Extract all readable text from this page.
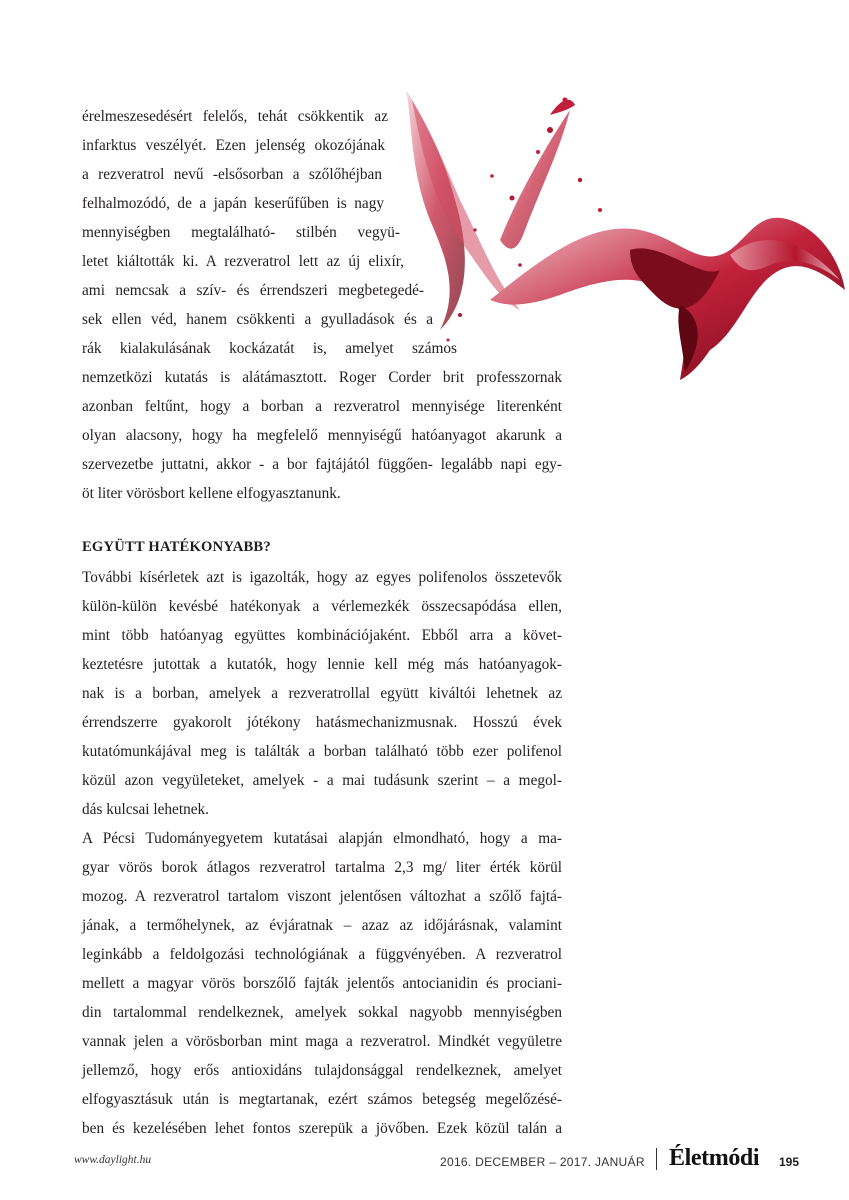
érelmeszesedésért felelős, tehát csökkentik az
infarktus veszélyét. Ezen jelenség okozójának
a rezveratrol nevű -elsősorban a szőlőhéjban
felhalmozódó, de a japán keserűfűben is nagy
mennyiségben megtalálható- stilbén vegyü-
letet kiáltották ki. A rezveratrol lett az új elixír,
ami nemcsak a szív- és érrendszeri megbetegedé-
sek ellen véd, hanem csökkenti a gyulladások és a
rák kialakulásának kockázatát is, amelyet számos
nemzetközi kutatás is alátámasztott. Roger Corder brit professzornak
azonban feltűnt, hogy a borban a rezveratrol mennyisége literenként
olyan alacsony, hogy ha megfelelő mennyiségű hatóanyagot akarunk a
szervezetbe juttatni, akkor - a bor fajtájától függően- legalább napi egy-
öt liter vörösbort kellene elfogyasztanunk.
EGYÜTT HATÉKONYABB?
További kísérletek azt is igazolták, hogy az egyes polifenolos összetevők
külön-külön kevésbé hatékonyak a vérlemezkék összecsapódása ellen,
mint több hatóanyag együttes kombinációjaként. Ebből arra a követ-
keztetésre jutottak a kutatók, hogy lennie kell még más hatóanyagok-
nak is a borban, amelyek a rezveratrollal együtt kiváltói lehetnek az
érrendszerre gyakorolt jótékony hatásmechanizmusnak. Hosszú évek
kutatómunkájával meg is találták a borban található több ezer polifenol
közül azon vegyületeket, amelyek - a mai tudásunk szerint – a megol-
dás kulcsai lehetnek.
A Pécsi Tudományegyetem kutatásai alapján elmondható, hogy a ma-
gyar vörös borok átlagos rezveratrol tartalma 2,3 mg/ liter érték körül
mozog. A rezveratrol tartalom viszont jelentősen változhat a szőlő fajtá-
jának, a termőhelynek, az évjáratnak – azaz az időjárásnak, valamint
leginkább a feldolgozási technológiának a függvényében. A rezveratrol
mellett a magyar vörös borszőlő fajták jelentős antocianidin és prociani-
din tartalommal rendelkeznek, amelyek sokkal nagyobb mennyiségben
vannak jelen a vörösborban mint maga a rezveratrol. Mindkét vegyületre
jellemző, hogy erős antioxidáns tulajdonsággal rendelkeznek, amelyet
elfogyasztásuk után is megtartanak, ezért számos betegség megelőzésé-
ben és kezelésében lehet fontos szerepük a jövőben. Ezek közül talán a
www.daylight.hu	2016. DECEMBER – 2017. JANUÁR Életmódi 195
